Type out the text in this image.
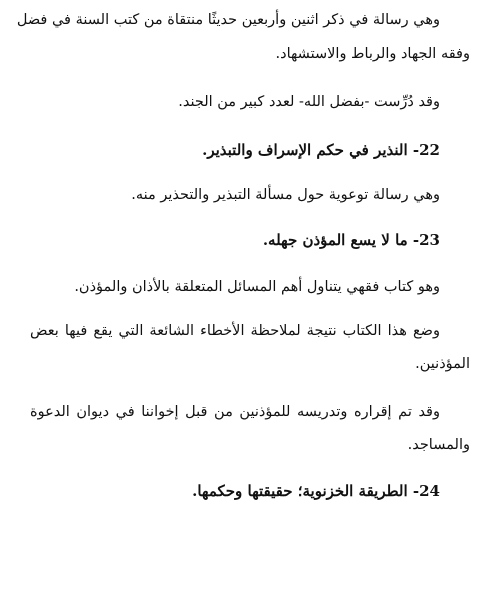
وهي رسالة في ذكر اثنين وأربعين حديثًا منتقاة من كتب السنة في فضل
وفقه الجهاد والرباط والاستشهاد.
وقد دُرِّست -بفضل الله- لعدد كبير من الجند.
22- النذير في حكم الإسراف والتبذير.
وهي رسالة توعوية حول مسألة التبذير والتحذير منه.
23- ما لا يسع المؤذن جهله.
وهو كتاب فقهي يتناول أهم المسائل المتعلقة بالأذان والمؤذن.
وضع هذا الكتاب نتيجة لملاحظة الأخطاء الشائعة التي يقع فيها بعض
المؤذنين.
وقد تم إقراره وتدريسه للمؤذنين من قبل إخواننا في ديوان الدعوة
والمساجد.
24- الطريقة الخزنوية؛ حقيقتها وحكمها.
